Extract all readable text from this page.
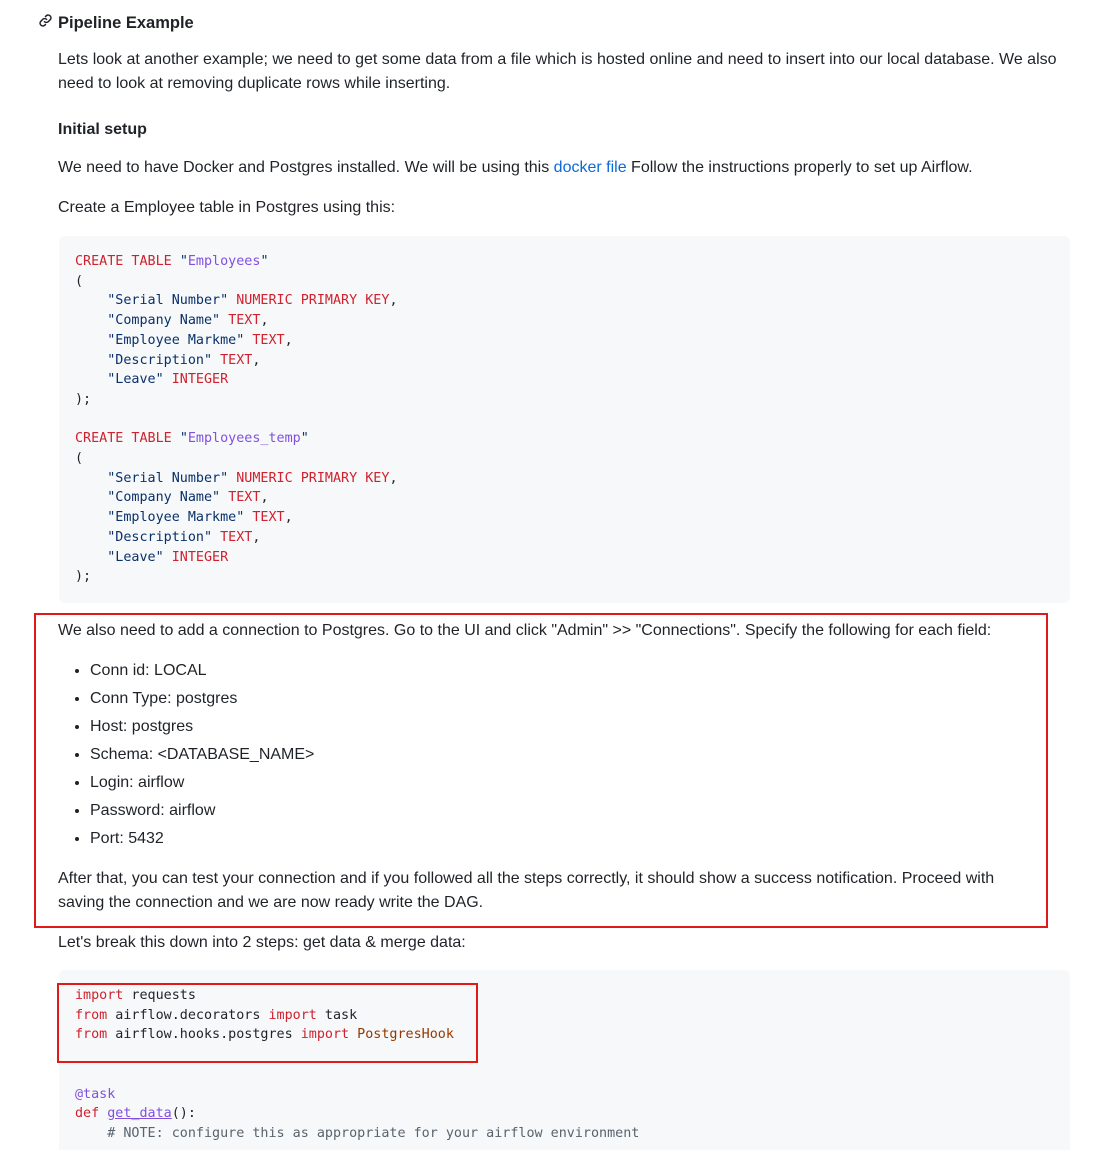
Pipeline Example

Lets look at another example; we need to get some data from a file which is hosted online and need to insert into our local database. We also need to look at removing duplicate rows while inserting.

Initial setup

We need to have Docker and Postgres installed. We will be using this docker file Follow the instructions properly to set up Airflow.

Create a Employee table in Postgres using this:

CREATE TABLE "Employees"
(
"Serial Number" NUMERIC PRIMARY KEY,
"Company Name" TEXT,
"Employee Markme" TEXT,
"Description" TEXT,
"Leave" INTEGER
);

CREATE TABLE "Employees_temp"
(
"Serial Number" NUMERIC PRIMARY KEY,
"Company Name" TEXT,
"Employee Markme" TEXT,
"Description" TEXT,
"Leave" INTEGER
);

We also need to add a connection to Postgres. Go to the UI and click "Admin" >> "Connections". Specify the following for each field:

• Conn id: LOCAL
• Conn Type: postgres
• Host: postgres
• Schema: <DATABASE_NAME>
• Login: airflow
• Password: airflow
• Port: 5432

After that, you can test your connection and if you followed all the steps correctly, it should show a success notification. Proceed with saving the connection and we are now ready write the DAG.

Let's break this down into 2 steps: get data & merge data:

import requests
from airflow.decorators import task
from airflow.hooks.postgres import PostgresHook

@task
def get_data():
# NOTE: configure this as appropriate for your airflow environment
